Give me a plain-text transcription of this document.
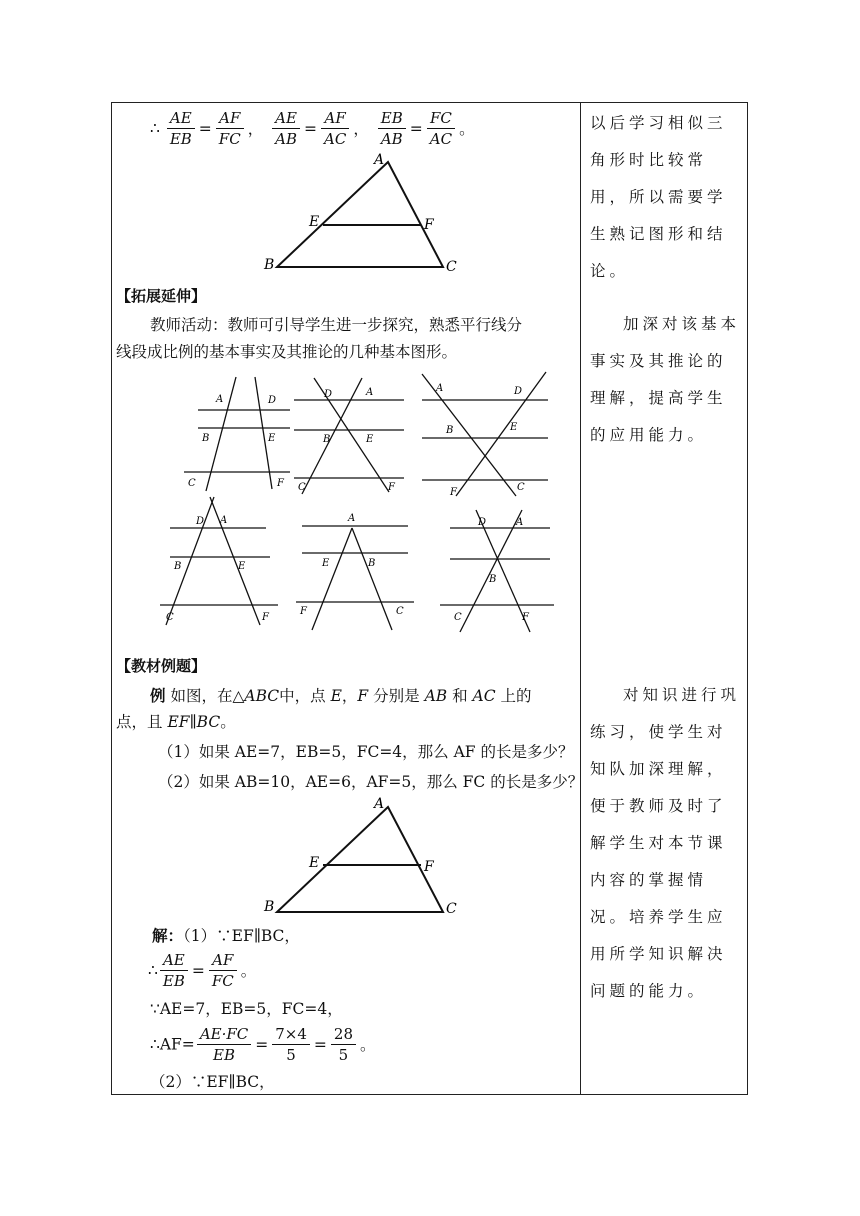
∴ $\frac{AE}{EB} = \frac{AF}{FC}$ ， $\frac{AE}{AB} = \frac{AF}{AC}$ ， $\frac{EB}{AB} = \frac{FC}{AC}$ 。
A
E	F
B	C
【拓展延伸】
教师活动：教师可引导学生进一步探究，熟悉平行线分
线段成比例的基本事实及其推论的几种基本图形。
A	D
B	E
C	F
D	A
B	E
C	F
A	D
B	E
F	C
D A
B	E
C	F
A
E	B
F	C
D	A
B
C	F
【教材例题】
例 如图，在△ABC中，点 E，F 分别是 AB 和 AC 上的
点，且 EF∥BC。
（1）如果 AE=7，EB=5，FC=4，那么 AF 的长是多少？
（2）如果 AB=10，AE=6，AF=5，那么 FC 的长是多少？
A
E	F
B	C
解：（1）∵EF∥BC，
∴ $\frac{AE}{EB} = \frac{AF}{FC}$ 。
∵AE=7，EB=5，FC=4，
∴AF= $\frac{AE\cdot FC}{EB} = \frac{7\times 4}{5} = \frac{28}{5}$ 。
（2）∵EF∥BC，
以后学习相似三角形时比较常用，所以需要学生熟记图形和结论。
加深对该基本事实及其推论的理解，提高学生的应用能力。
对知识进行巩练习，使学生对知队加深理解，便于教师及时了解学生对本节课内容的掌握情况。培养学生应用所学知识解决问题的能力。
